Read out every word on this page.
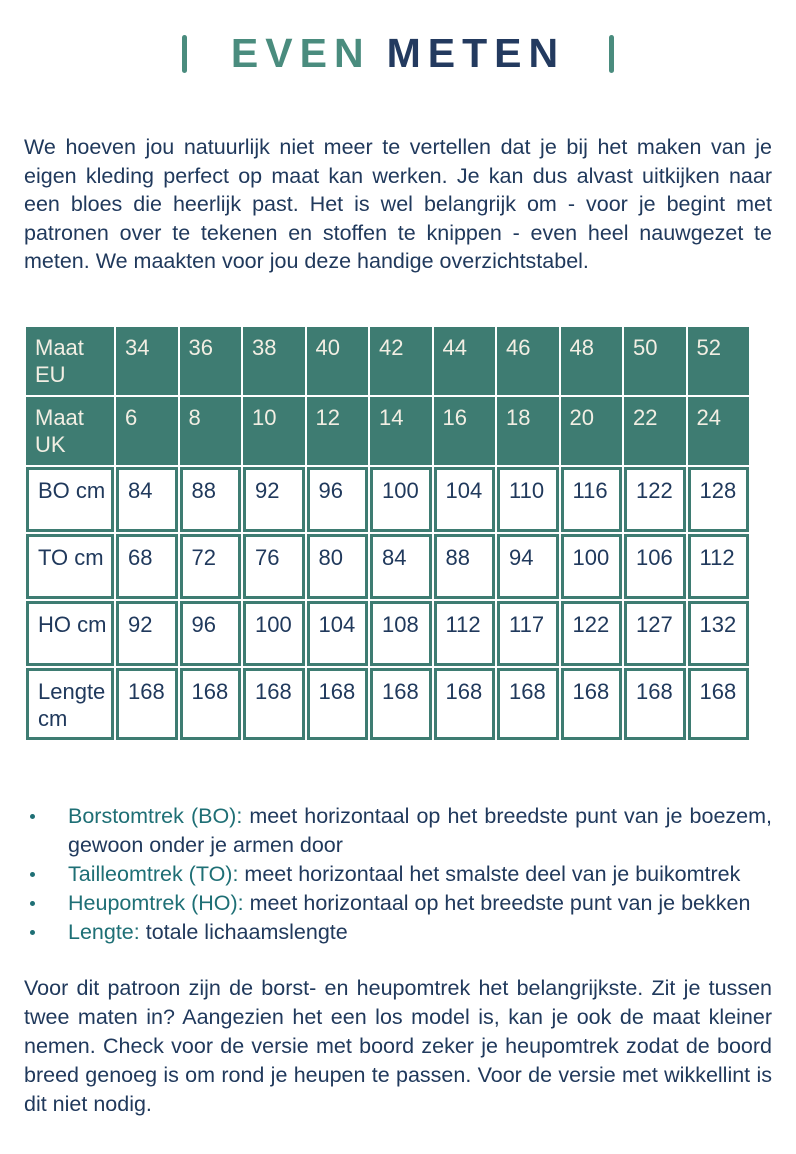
EVEN METEN

We hoeven jou natuurlijk niet meer te vertellen dat je bij het maken van je eigen kleding perfect op maat kan werken. Je kan dus alvast uitkijken naar een bloes die heerlijk past. Het is wel belangrijk om - voor je begint met patronen over te tekenen en stoffen te knippen - even heel nauwgezet te meten. We maakten voor jou deze handige overzichtstabel.

Maat EU	34	36	38	40	42	44	46	48	50	52
Maat UK	6	8	10	12	14	16	18	20	22	24
BO cm	84	88	92	96	100	104	110	116	122	128
TO cm	68	72	76	80	84	88	94	100	106	112
HO cm	92	96	100	104	108	112	117	122	127	132
Lengte cm	168	168	168	168	168	168	168	168	168	168
Borstomtrek (BO): meet horizontaal op het breedste punt van je boezem, gewoon onder je armen door
Tailleomtrek (TO): meet horizontaal het smalste deel van je buikomtrek
Heupomtrek (HO): meet horizontaal op het breedste punt van je bekken
Lengte: totale lichaamslengte

Voor dit patroon zijn de borst- en heupomtrek het belangrijkste. Zit je tussen twee maten in? Aangezien het een los model is, kan je ook de maat kleiner nemen. Check voor de versie met boord zeker je heupomtrek zodat de boord breed genoeg is om rond je heupen te passen. Voor de versie met wikkellint is dit niet nodig.
